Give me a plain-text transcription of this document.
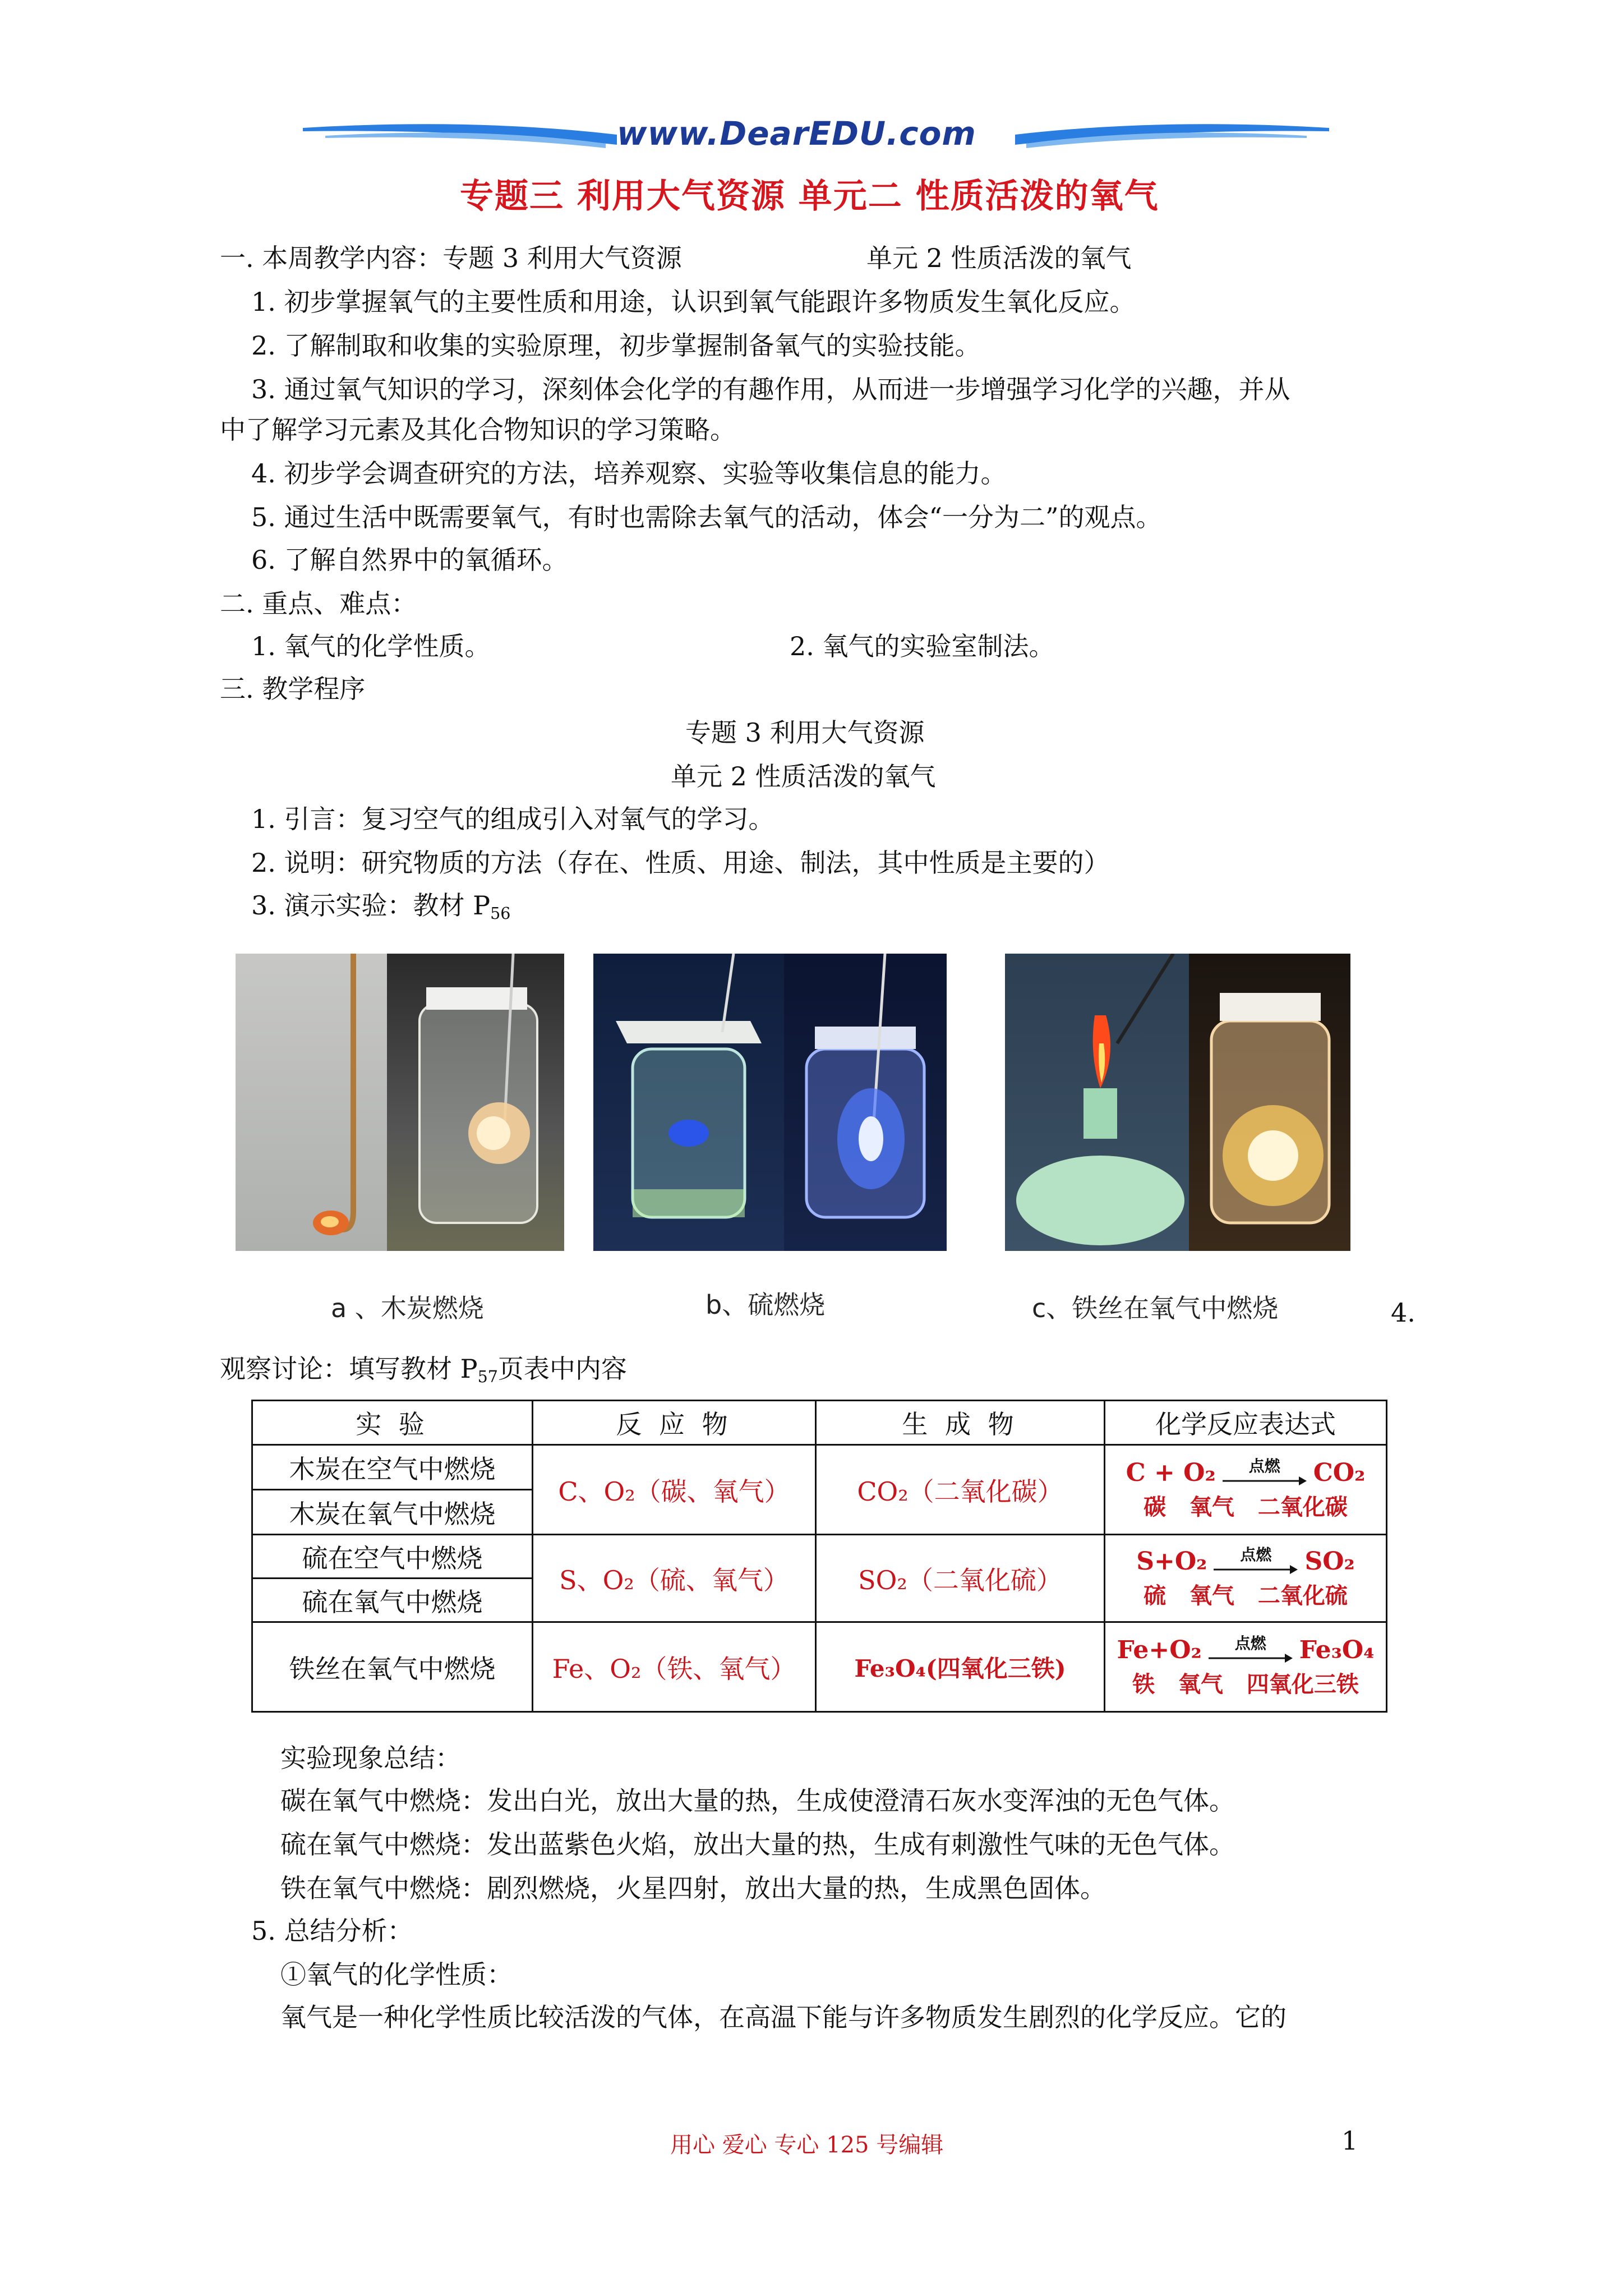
www.DearEDU.com
专题三 利用大气资源 单元二 性质活泼的氧气
一. 本周教学内容：专题 3 利用大气资源	单元 2 性质活泼的氧气
1. 初步掌握氧气的主要性质和用途，认识到氧气能跟许多物质发生氧化反应。
2. 了解制取和收集的实验原理，初步掌握制备氧气的实验技能。
3. 通过氧气知识的学习，深刻体会化学的有趣作用，从而进一步增强学习化学的兴趣，并从
中了解学习元素及其化合物知识的学习策略。
4. 初步学会调查研究的方法，培养观察、实验等收集信息的能力。
5. 通过生活中既需要氧气，有时也需除去氧气的活动，体会“一分为二”的观点。
6. 了解自然界中的氧循环。
二. 重点、难点：
1. 氧气的化学性质。	2. 氧气的实验室制法。
三. 教学程序
专题 3 利用大气资源
单元 2 性质活泼的氧气
1. 引言：复习空气的组成引入对氧气的学习。
2. 说明：研究物质的方法（存在、性质、用途、制法，其中性质是主要的）
3. 演示实验：教材 $P_{56}$
a 、木炭燃烧	b、硫燃烧	c、铁丝在氧气中燃烧	4.
观察讨论：填写教材 $P_{57}$页表中内容
实 验	反 应 物	生 成 物	化学反应表达式
木炭在空气中燃烧	C、O₂（碳、氧气）	CO₂（二氧化碳）	C + O₂ 点燃 CO₂
碳 氧气 二氧化碳

木炭在氧气中燃烧			
硫在空气中燃烧	S、O₂（硫、氧气）	SO₂（二氧化硫）	S+O₂ 点燃 SO₂
硫 氧气 二氧化硫

硫在氧气中燃烧			
铁丝在氧气中燃烧	Fe、O₂（铁、氧气）	Fe₃O₄(四氧化三铁)	Fe+O₂ 点燃 Fe₃O₄
铁 氧气 四氧化三铁
实验现象总结：
碳在氧气中燃烧：发出白光，放出大量的热，生成使澄清石灰水变浑浊的无色气体。
硫在氧气中燃烧：发出蓝紫色火焰，放出大量的热，生成有刺激性气味的无色气体。
铁在氧气中燃烧：剧烈燃烧，火星四射，放出大量的热，生成黑色固体。
5. 总结分析：
①氧气的化学性质：
氧气是一种化学性质比较活泼的气体，在高温下能与许多物质发生剧烈的化学反应。它的
用心 爱心 专心 125 号编辑	1
